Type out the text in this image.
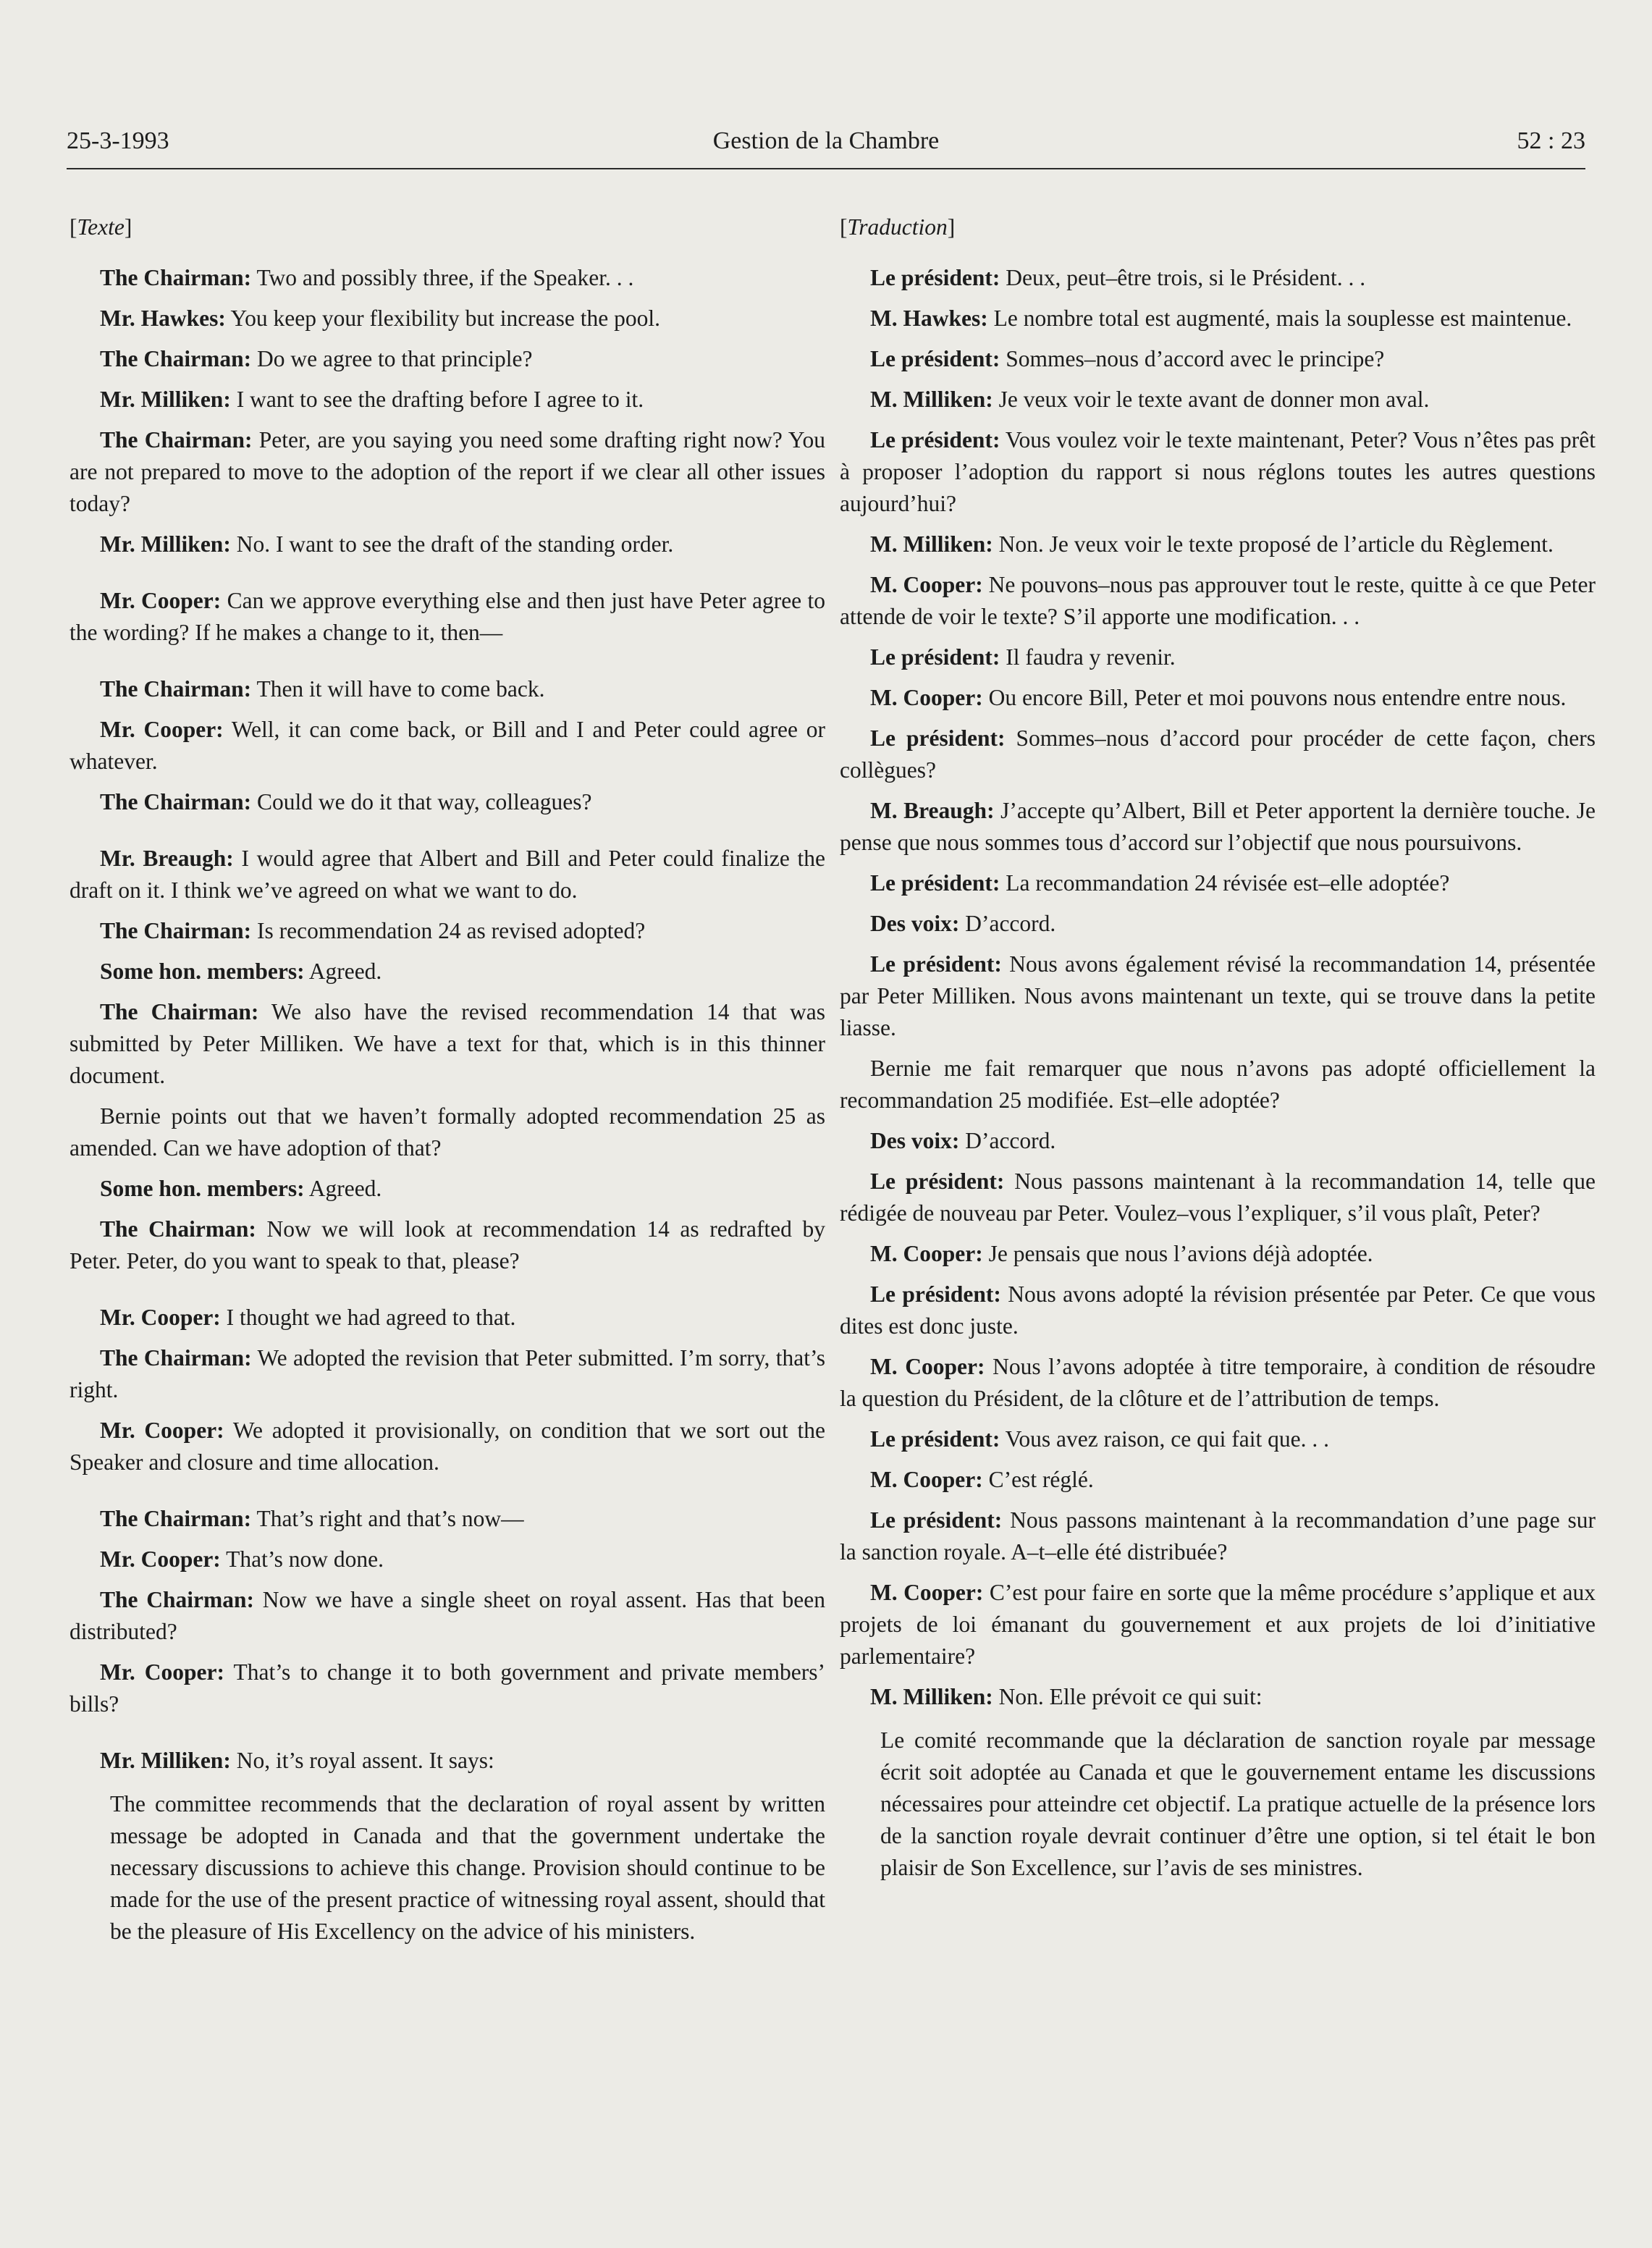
25-3-1993	Gestion de la Chambre	52 : 23
[Texte]

The Chairman: Two and possibly three, if the Speaker. . .

Mr. Hawkes: You keep your flexibility but increase the pool.

The Chairman: Do we agree to that principle?

Mr. Milliken: I want to see the drafting before I agree to it.

The Chairman: Peter, are you saying you need some drafting right now? You are not prepared to move to the adoption of the report if we clear all other issues today?

Mr. Milliken: No. I want to see the draft of the standing order.

Mr. Cooper: Can we approve everything else and then just have Peter agree to the wording? If he makes a change to it, then—

The Chairman: Then it will have to come back.

Mr. Cooper: Well, it can come back, or Bill and I and Peter could agree or whatever.

The Chairman: Could we do it that way, colleagues?

Mr. Breaugh: I would agree that Albert and Bill and Peter could finalize the draft on it. I think we’ve agreed on what we want to do.

The Chairman: Is recommendation 24 as revised adopted?

Some hon. members: Agreed.

The Chairman: We also have the revised recommendation 14 that was submitted by Peter Milliken. We have a text for that, which is in this thinner document.

Bernie points out that we haven’t formally adopted recommendation 25 as amended. Can we have adoption of that?

Some hon. members: Agreed.

The Chairman: Now we will look at recommendation 14 as redrafted by Peter. Peter, do you want to speak to that, please?

Mr. Cooper: I thought we had agreed to that.

The Chairman: We adopted the revision that Peter submitted. I’m sorry, that’s right.

Mr. Cooper: We adopted it provisionally, on condition that we sort out the Speaker and closure and time allocation.

The Chairman: That’s right and that’s now—

Mr. Cooper: That’s now done.

The Chairman: Now we have a single sheet on royal assent. Has that been distributed?

Mr. Cooper: That’s to change it to both government and private members’ bills?

Mr. Milliken: No, it’s royal assent. It says:

The committee recommends that the declaration of royal assent by written message be adopted in Canada and that the government undertake the necessary discussions to achieve this change. Provision should continue to be made for the use of the present practice of witnessing royal assent, should that be the pleasure of His Excellency on the advice of his ministers.

[Traduction]

Le président: Deux, peut–être trois, si le Président. . .

M. Hawkes: Le nombre total est augmenté, mais la souplesse est maintenue.

Le président: Sommes–nous d’accord avec le principe?

M. Milliken: Je veux voir le texte avant de donner mon aval.

Le président: Vous voulez voir le texte maintenant, Peter? Vous n’êtes pas prêt à proposer l’adoption du rapport si nous réglons toutes les autres questions aujourd’hui?

M. Milliken: Non. Je veux voir le texte proposé de l’article du Règlement.

M. Cooper: Ne pouvons–nous pas approuver tout le reste, quitte à ce que Peter attende de voir le texte? S’il apporte une modification. . .

Le président: Il faudra y revenir.

M. Cooper: Ou encore Bill, Peter et moi pouvons nous entendre entre nous.

Le président: Sommes–nous d’accord pour procéder de cette façon, chers collègues?

M. Breaugh: J’accepte qu’Albert, Bill et Peter apportent la dernière touche. Je pense que nous sommes tous d’accord sur l’objectif que nous poursuivons.

Le président: La recommandation 24 révisée est–elle adoptée?

Des voix: D’accord.

Le président: Nous avons également révisé la recommandation 14, présentée par Peter Milliken. Nous avons maintenant un texte, qui se trouve dans la petite liasse.

Bernie me fait remarquer que nous n’avons pas adopté officiellement la recommandation 25 modifiée. Est–elle adoptée?

Des voix: D’accord.

Le président: Nous passons maintenant à la recommandation 14, telle que rédigée de nouveau par Peter. Voulez–vous l’expliquer, s’il vous plaît, Peter?

M. Cooper: Je pensais que nous l’avions déjà adoptée.

Le président: Nous avons adopté la révision présentée par Peter. Ce que vous dites est donc juste.

M. Cooper: Nous l’avons adoptée à titre temporaire, à condition de résoudre la question du Président, de la clôture et de l’attribution de temps.

Le président: Vous avez raison, ce qui fait que. . .

M. Cooper: C’est réglé.

Le président: Nous passons maintenant à la recommandation d’une page sur la sanction royale. A–t–elle été distribuée?

M. Cooper: C’est pour faire en sorte que la même procédure s’applique et aux projets de loi émanant du gouvernement et aux projets de loi d’initiative parlementaire?

M. Milliken: Non. Elle prévoit ce qui suit:

Le comité recommande que la déclaration de sanction royale par message écrit soit adoptée au Canada et que le gouvernement entame les discussions nécessaires pour atteindre cet objectif. La pratique actuelle de la présence lors de la sanction royale devrait continuer d’être une option, si tel était le bon plaisir de Son Excellence, sur l’avis de ses ministres.
